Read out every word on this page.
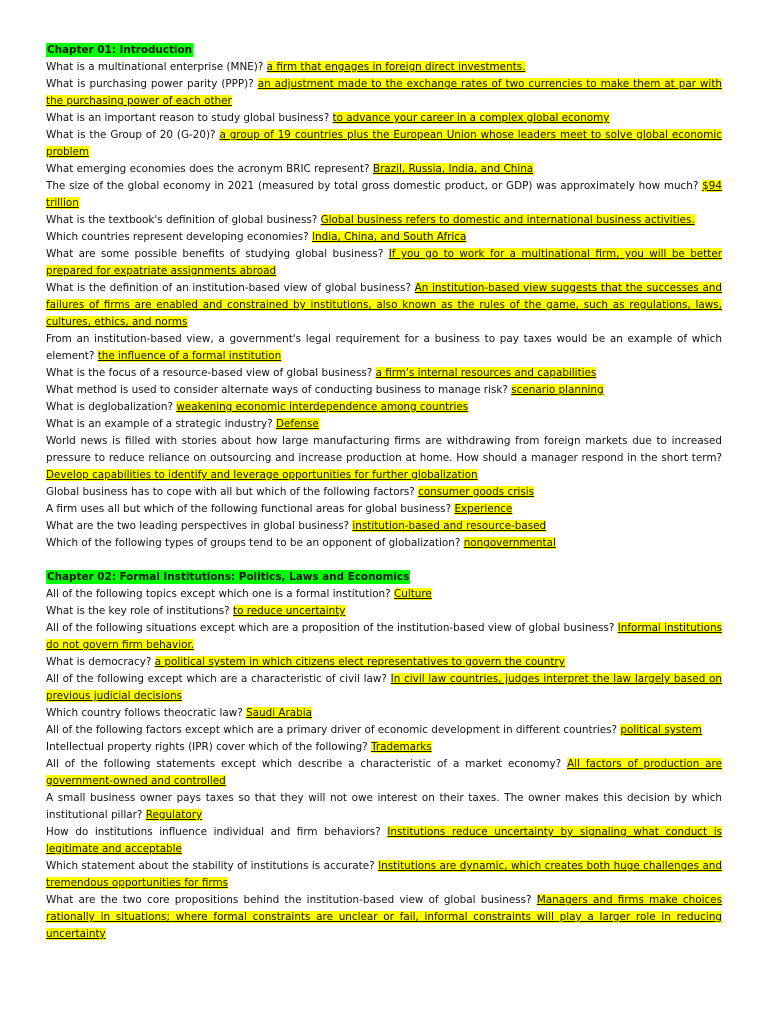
Chapter 01: Introduction

What is a multinational enterprise (MNE)? a firm that engages in foreign direct investments.

What is purchasing power parity (PPP)? an adjustment made to the exchange rates of two currencies to make them at par with the purchasing power of each other

What is an important reason to study global business? to advance your career in a complex global economy

What is the Group of 20 (G-20)? a group of 19 countries plus the European Union whose leaders meet to solve global economic problem

What emerging economies does the acronym BRIC represent? Brazil, Russia, India, and China

The size of the global economy in 2021 (measured by total gross domestic product, or GDP) was approximately how much? $94 trillion

What is the textbook's definition of global business? Global business refers to domestic and international business activities.

Which countries represent developing economies? India, China, and South Africa

What are some possible benefits of studying global business? If you go to work for a multinational firm, you will be better prepared for expatriate assignments abroad

What is the definition of an institution-based view of global business? An institution-based view suggests that the successes and failures of firms are enabled and constrained by institutions, also known as the rules of the game, such as regulations, laws, cultures, ethics, and norms

From an institution-based view, a government's legal requirement for a business to pay taxes would be an example of which element? the influence of a formal institution

What is the focus of a resource-based view of global business? a firm's internal resources and capabilities

What method is used to consider alternate ways of conducting business to manage risk? scenario planning

What is deglobalization? weakening economic interdependence among countries

What is an example of a strategic industry? Defense

World news is filled with stories about how large manufacturing firms are withdrawing from foreign markets due to increased pressure to reduce reliance on outsourcing and increase production at home. How should a manager respond in the short term? Develop capabilities to identify and leverage opportunities for further globalization

Global business has to cope with all but which of the following factors? consumer goods crisis

A firm uses all but which of the following functional areas for global business? Experience

What are the two leading perspectives in global business? institution-based and resource-based

Which of the following types of groups tend to be an opponent of globalization? nongovernmental

Chapter 02: Formal Institutions: Politics, Laws and Economics

All of the following topics except which one is a formal institution? Culture

What is the key role of institutions? to reduce uncertainty

All of the following situations except which are a proposition of the institution-based view of global business? Informal institutions do not govern firm behavior.

What is democracy? a political system in which citizens elect representatives to govern the country

All of the following except which are a characteristic of civil law? In civil law countries, judges interpret the law largely based on previous judicial decisions

Which country follows theocratic law? Saudi Arabia

All of the following factors except which are a primary driver of economic development in different countries? political system

Intellectual property rights (IPR) cover which of the following? Trademarks

All of the following statements except which describe a characteristic of a market economy? All factors of production are government-owned and controlled

A small business owner pays taxes so that they will not owe interest on their taxes. The owner makes this decision by which institutional pillar? Regulatory

How do institutions influence individual and firm behaviors? Institutions reduce uncertainty by signaling what conduct is legitimate and acceptable

Which statement about the stability of institutions is accurate? Institutions are dynamic, which creates both huge challenges and tremendous opportunities for firms

What are the two core propositions behind the institution-based view of global business? Managers and firms make choices rationally in situations; where formal constraints are unclear or fail, informal constraints will play a larger role in reducing uncertainty
